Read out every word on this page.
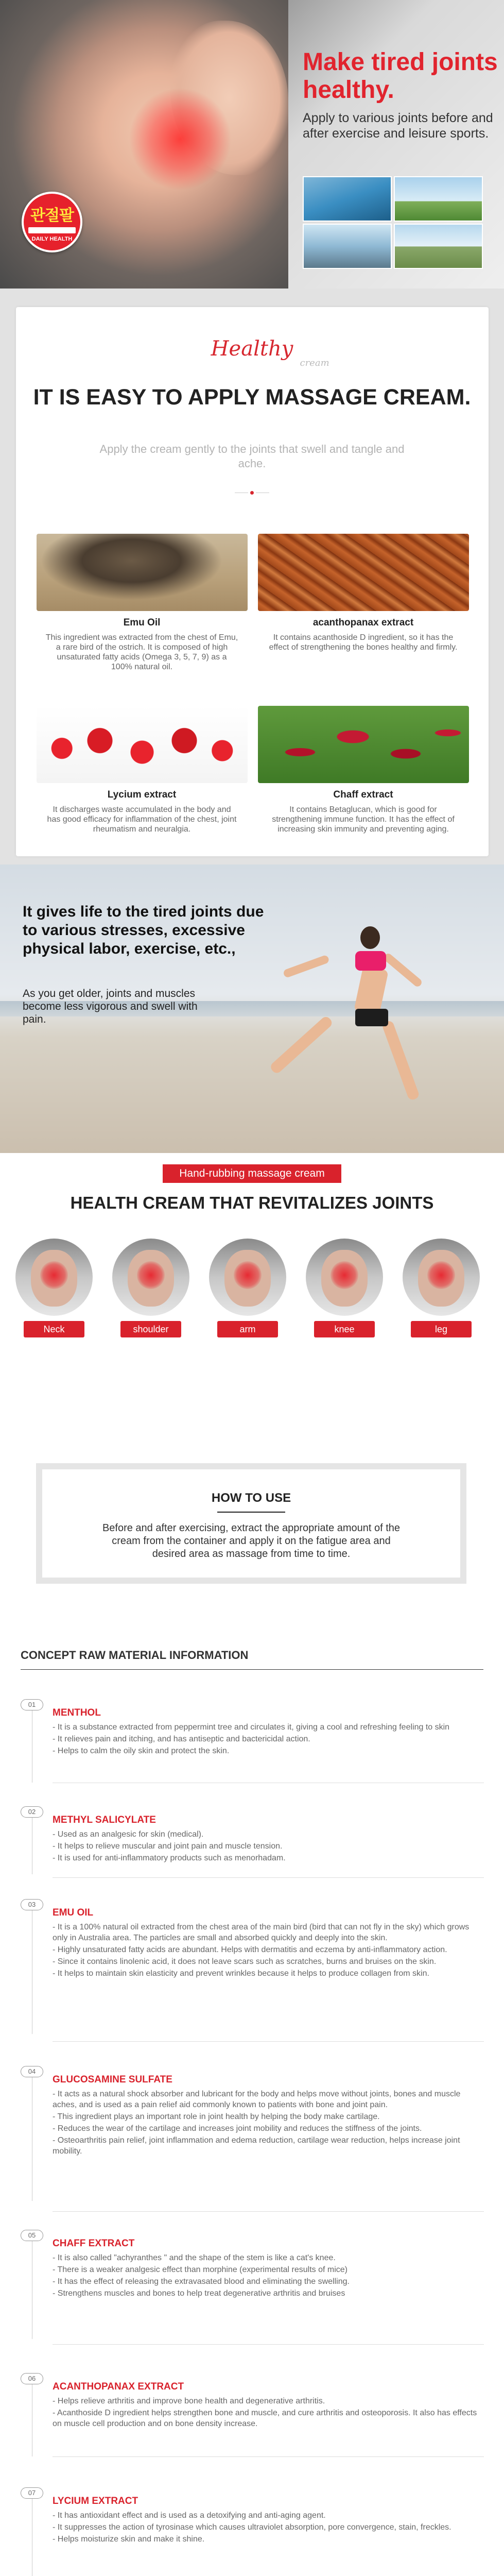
관절팔
DAILY HEALTH
Make tired joints healthy.

Apply to various joints before and after exercise and leisure sports.

Healthy
cream
IT IS EASY TO APPLY MASSAGE CREAM.

Apply the cream gently to the joints that swell and tangle and ache.

Emu Oil
This ingredient was extracted from the chest of Emu, a rare bird of the ostrich. It is composed of high unsaturated fatty acids (Omega 3, 5, 7, 9) as a 100% natural oil.
acanthopanax extract
It contains acanthoside D ingredient, so it has the effect of strengthening the bones healthy and firmly.
Lycium extract
It discharges waste accumulated in the body and has good efficacy for inflammation of the chest, joint rheumatism and neuralgia.
Chaff extract
It contains Betaglucan, which is good for strengthening immune function. It has the effect of increasing skin immunity and preventing aging.
It gives life to the tired joints due to various stresses, excessive physical labor, exercise, etc.,

As you get older, joints and muscles become less vigorous and swell with pain.

Hand-rubbing massage cream
HEALTH CREAM THAT REVITALIZES JOINTS
Neck	shoulder	arm	knee	leg
HOW TO USE
Before and after exercising, extract the appropriate amount of the cream from the container and apply it on the fatigue area and desired area as massage from time to time.
CONCEPT RAW MATERIAL INFORMATION
01
MENTHOL

- It is a substance extracted from peppermint tree and circulates it, giving a cool and refreshing feeling to skin

- It relieves pain and itching, and has antiseptic and bactericidal action.

- Helps to calm the oily skin and protect the skin.

02
METHYL SALICYLATE

- Used as an analgesic for skin (medical).

- It helps to relieve muscular and joint pain and muscle tension.

- It is used for anti-inflammatory products such as menorhadam.

03
EMU OIL

- It is a 100% natural oil extracted from the chest area of the main bird (bird that can not fly in the sky) which grows only in Australia area. The particles are small and absorbed quickly and deeply into the skin.

- Highly unsaturated fatty acids are abundant. Helps with dermatitis and eczema by anti-inflammatory action.

- Since it contains linolenic acid, it does not leave scars such as scratches, burns and bruises on the skin.

- It helps to maintain skin elasticity and prevent wrinkles because it helps to produce collagen from skin.

04
GLUCOSAMINE SULFATE

- It acts as a natural shock absorber and lubricant for the body and helps move without joints, bones and muscle aches, and is used as a pain relief aid commonly known to patients with bone and joint pain.

- This ingredient plays an important role in joint health by helping the body make cartilage.

- Reduces the wear of the cartilage and increases joint mobility and reduces the stiffness of the joints.

- Osteoarthritis pain relief, joint inflammation and edema reduction, cartilage wear reduction, helps increase joint mobility.

05
CHAFF EXTRACT

- It is also called "achyranthes " and the shape of the stem is like a cat's knee.

- There is a weaker analgesic effect than morphine (experimental results of mice)

- It has the effect of releasing the extravasated blood and eliminating the swelling.

- Strengthens muscles and bones to help treat degenerative arthritis and bruises

06
ACANTHOPANAX EXTRACT

- Helps relieve arthritis and improve bone health and degenerative arthritis.

- Acanthoside D ingredient helps strengthen bone and muscle, and cure arthritis and osteoporosis. It also has effects on muscle cell production and on bone density increase.

07
LYCIUM EXTRACT

- It has antioxidant effect and is used as a detoxifying and anti-aging agent.

- It suppresses the action of tyrosinase which causes ultraviolet absorption, pore convergence, stain, freckles.

- Helps moisturize skin and make it shine.
